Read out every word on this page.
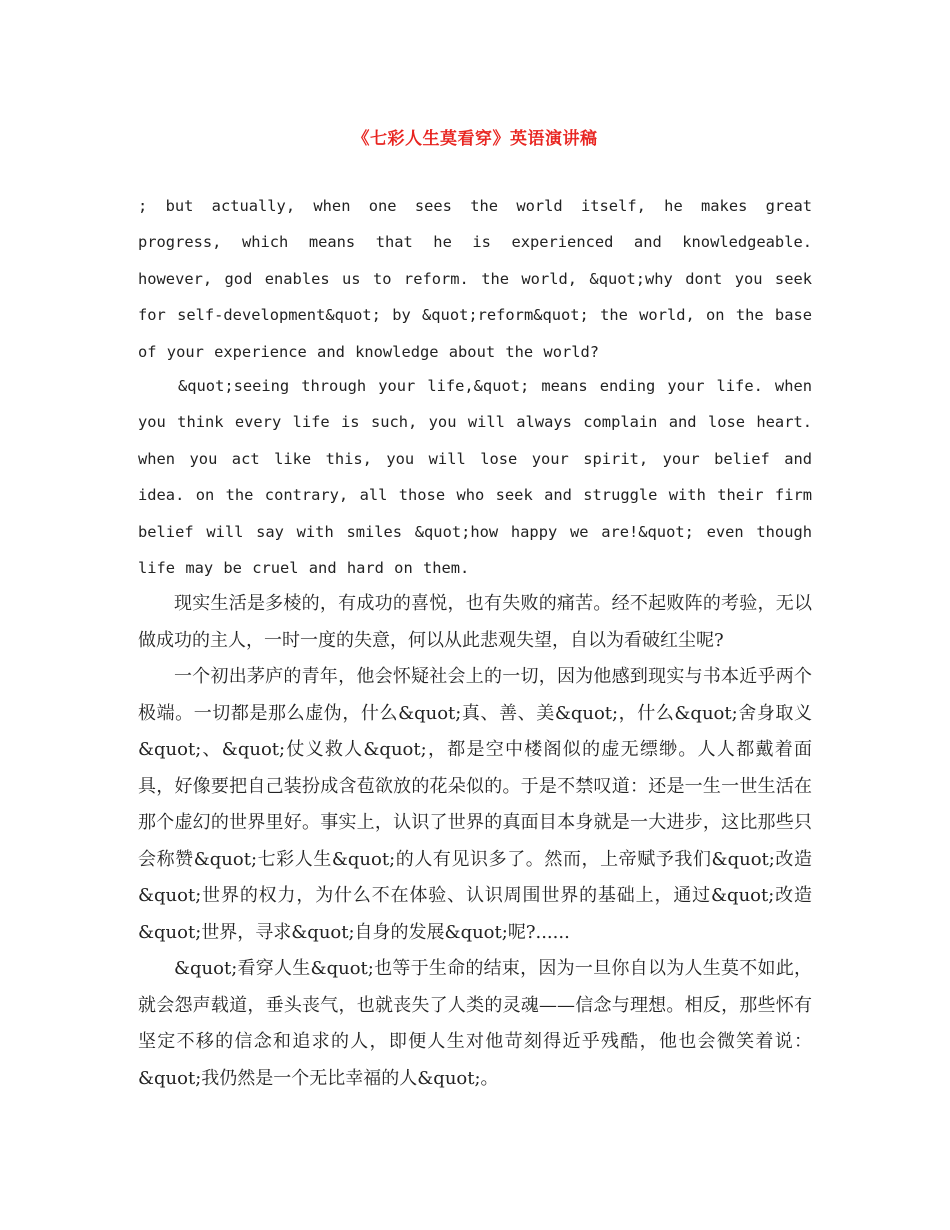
《七彩人生莫看穿》英语演讲稿

; but actually, when one sees the world itself, he makes great progress, which means that he is experienced and knowledgeable. however, god enables us to reform. the world, &quot;why dont you seek for self-development&quot; by &quot;reform&quot; the world, on the base of your experience and knowledge about the world?

&quot;seeing through your life,&quot; means ending your life. when you think every life is such, you will always complain and lose heart. when you act like this, you will lose your spirit, your belief and idea. on the contrary, all those who seek and struggle with their firm belief will say with smiles &quot;how happy we are!&quot; even though life may be cruel and hard on them.

现实生活是多棱的，有成功的喜悦，也有失败的痛苦。经不起败阵的考验，无以做成功的主人，一时一度的失意，何以从此悲观失望，自以为看破红尘呢?

一个初出茅庐的青年，他会怀疑社会上的一切，因为他感到现实与书本近乎两个极端。一切都是那么虚伪，什么&quot;真、善、美&quot;，什么&quot;舍身取义&quot;、&quot;仗义救人&quot;，都是空中楼阁似的虚无缥缈。人人都戴着面具，好像要把自己装扮成含苞欲放的花朵似的。于是不禁叹道：还是一生一世生活在那个虚幻的世界里好。事实上，认识了世界的真面目本身就是一大进步，这比那些只会称赞&quot;七彩人生&quot;的人有见识多了。然而，上帝赋予我们&quot;改造&quot;世界的权力，为什么不在体验、认识周围世界的基础上，通过&quot;改造&quot;世界，寻求&quot;自身的发展&quot;呢?......

&quot;看穿人生&quot;也等于生命的结束，因为一旦你自以为人生莫不如此，就会怨声载道，垂头丧气，也就丧失了人类的灵魂——信念与理想。相反，那些怀有坚定不移的信念和追求的人，即便人生对他苛刻得近乎残酷，他也会微笑着说：&quot;我仍然是一个无比幸福的人&quot;。
